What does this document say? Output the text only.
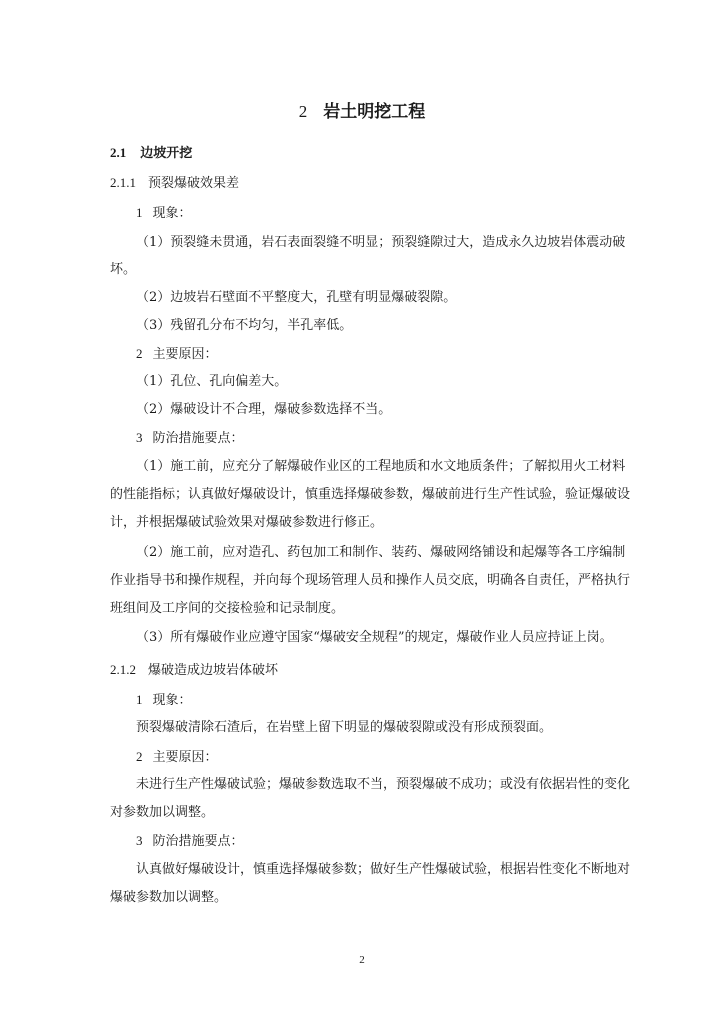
2 岩土明挖工程
2.1 边坡开挖
2.1.1 预裂爆破效果差
1 现象：
（1）预裂缝未贯通，岩石表面裂缝不明显；预裂缝隙过大，造成永久边坡岩体震动破
坏。
（2）边坡岩石壁面不平整度大，孔壁有明显爆破裂隙。
（3）残留孔分布不均匀，半孔率低。
2 主要原因：
（1）孔位、孔向偏差大。
（2）爆破设计不合理，爆破参数选择不当。
3 防治措施要点：
（1）施工前，应充分了解爆破作业区的工程地质和水文地质条件；了解拟用火工材料
的性能指标；认真做好爆破设计，慎重选择爆破参数，爆破前进行生产性试验，验证爆破设
计，并根据爆破试验效果对爆破参数进行修正。
（2）施工前，应对造孔、药包加工和制作、装药、爆破网络铺设和起爆等各工序编制
作业指导书和操作规程，并向每个现场管理人员和操作人员交底，明确各自责任，严格执行
班组间及工序间的交接检验和记录制度。
（3）所有爆破作业应遵守国家“爆破安全规程”的规定，爆破作业人员应持证上岗。
2.1.2 爆破造成边坡岩体破坏
1 现象：
预裂爆破清除石渣后，在岩壁上留下明显的爆破裂隙或没有形成预裂面。
2 主要原因：
未进行生产性爆破试验；爆破参数选取不当，预裂爆破不成功；或没有依据岩性的变化
对参数加以调整。
3 防治措施要点：
认真做好爆破设计，慎重选择爆破参数；做好生产性爆破试验，根据岩性变化不断地对
爆破参数加以调整。
2
